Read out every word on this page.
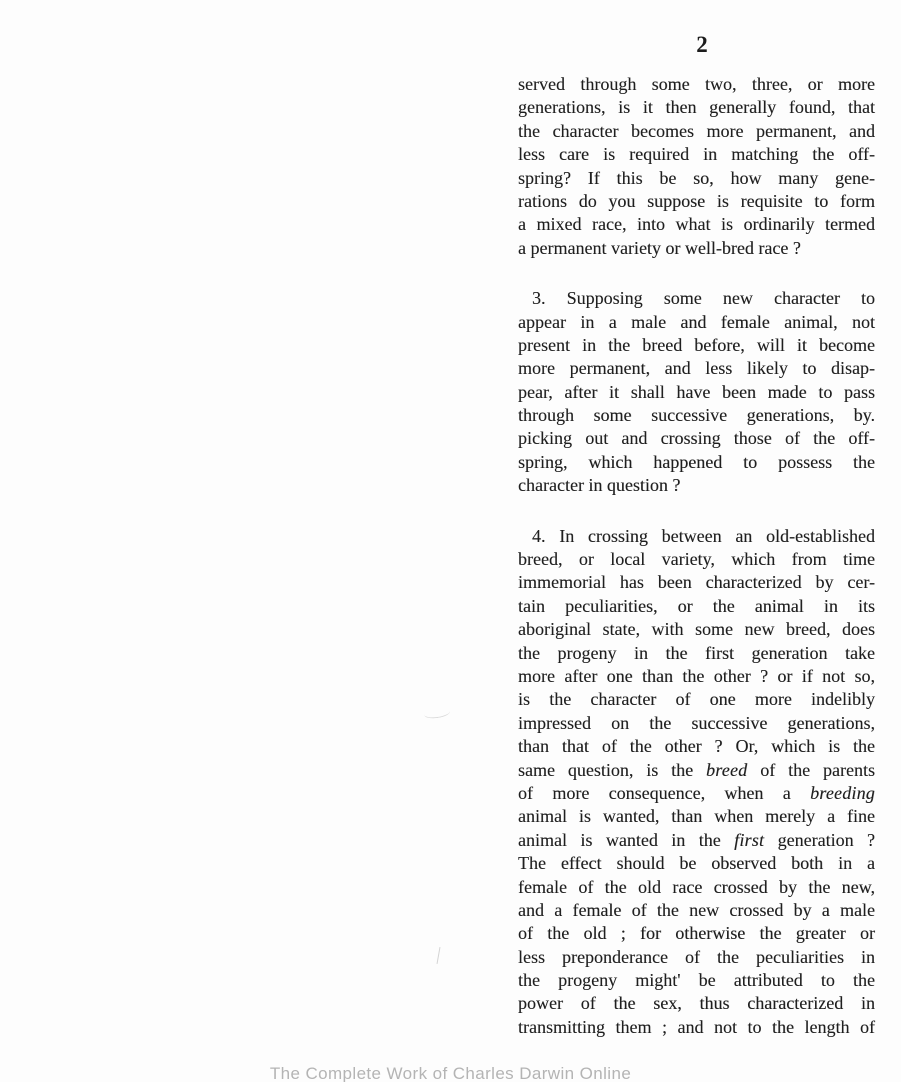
2
served through some two, three, or more
generations, is it then generally found, that
the character becomes more permanent, and
less care is required in matching the off-
spring? If this be so, how many gene-
rations do you suppose is requisite to form
a mixed race, into what is ordinarily termed
a permanent variety or well-bred race ?
3. Supposing some new character to
appear in a male and female animal, not
present in the breed before, will it become
more permanent, and less likely to disap-
pear, after it shall have been made to pass
through some successive generations, by.
picking out and crossing those of the off-
spring, which happened to possess the
character in question ?
4. In crossing between an old-established
breed, or local variety, which from time
immemorial has been characterized by cer-
tain peculiarities, or the animal in its
aboriginal state, with some new breed, does
the progeny in the first generation take
more after one than the other ? or if not so,
is the character of one more indelibly
impressed on the successive generations,
than that of the other ? Or, which is the
same question, is the breed of the parents
of more consequence, when a breeding
animal is wanted, than when merely a fine
animal is wanted in the first generation ?
The effect should be observed both in a
female of the old race crossed by the new,
and a female of the new crossed by a male
of the old ; for otherwise the greater or
less preponderance of the peculiarities in
the progeny might' be attributed to the
power of the sex, thus characterized in
transmitting them ; and not to the length of
The Complete Work of Charles Darwin Online
